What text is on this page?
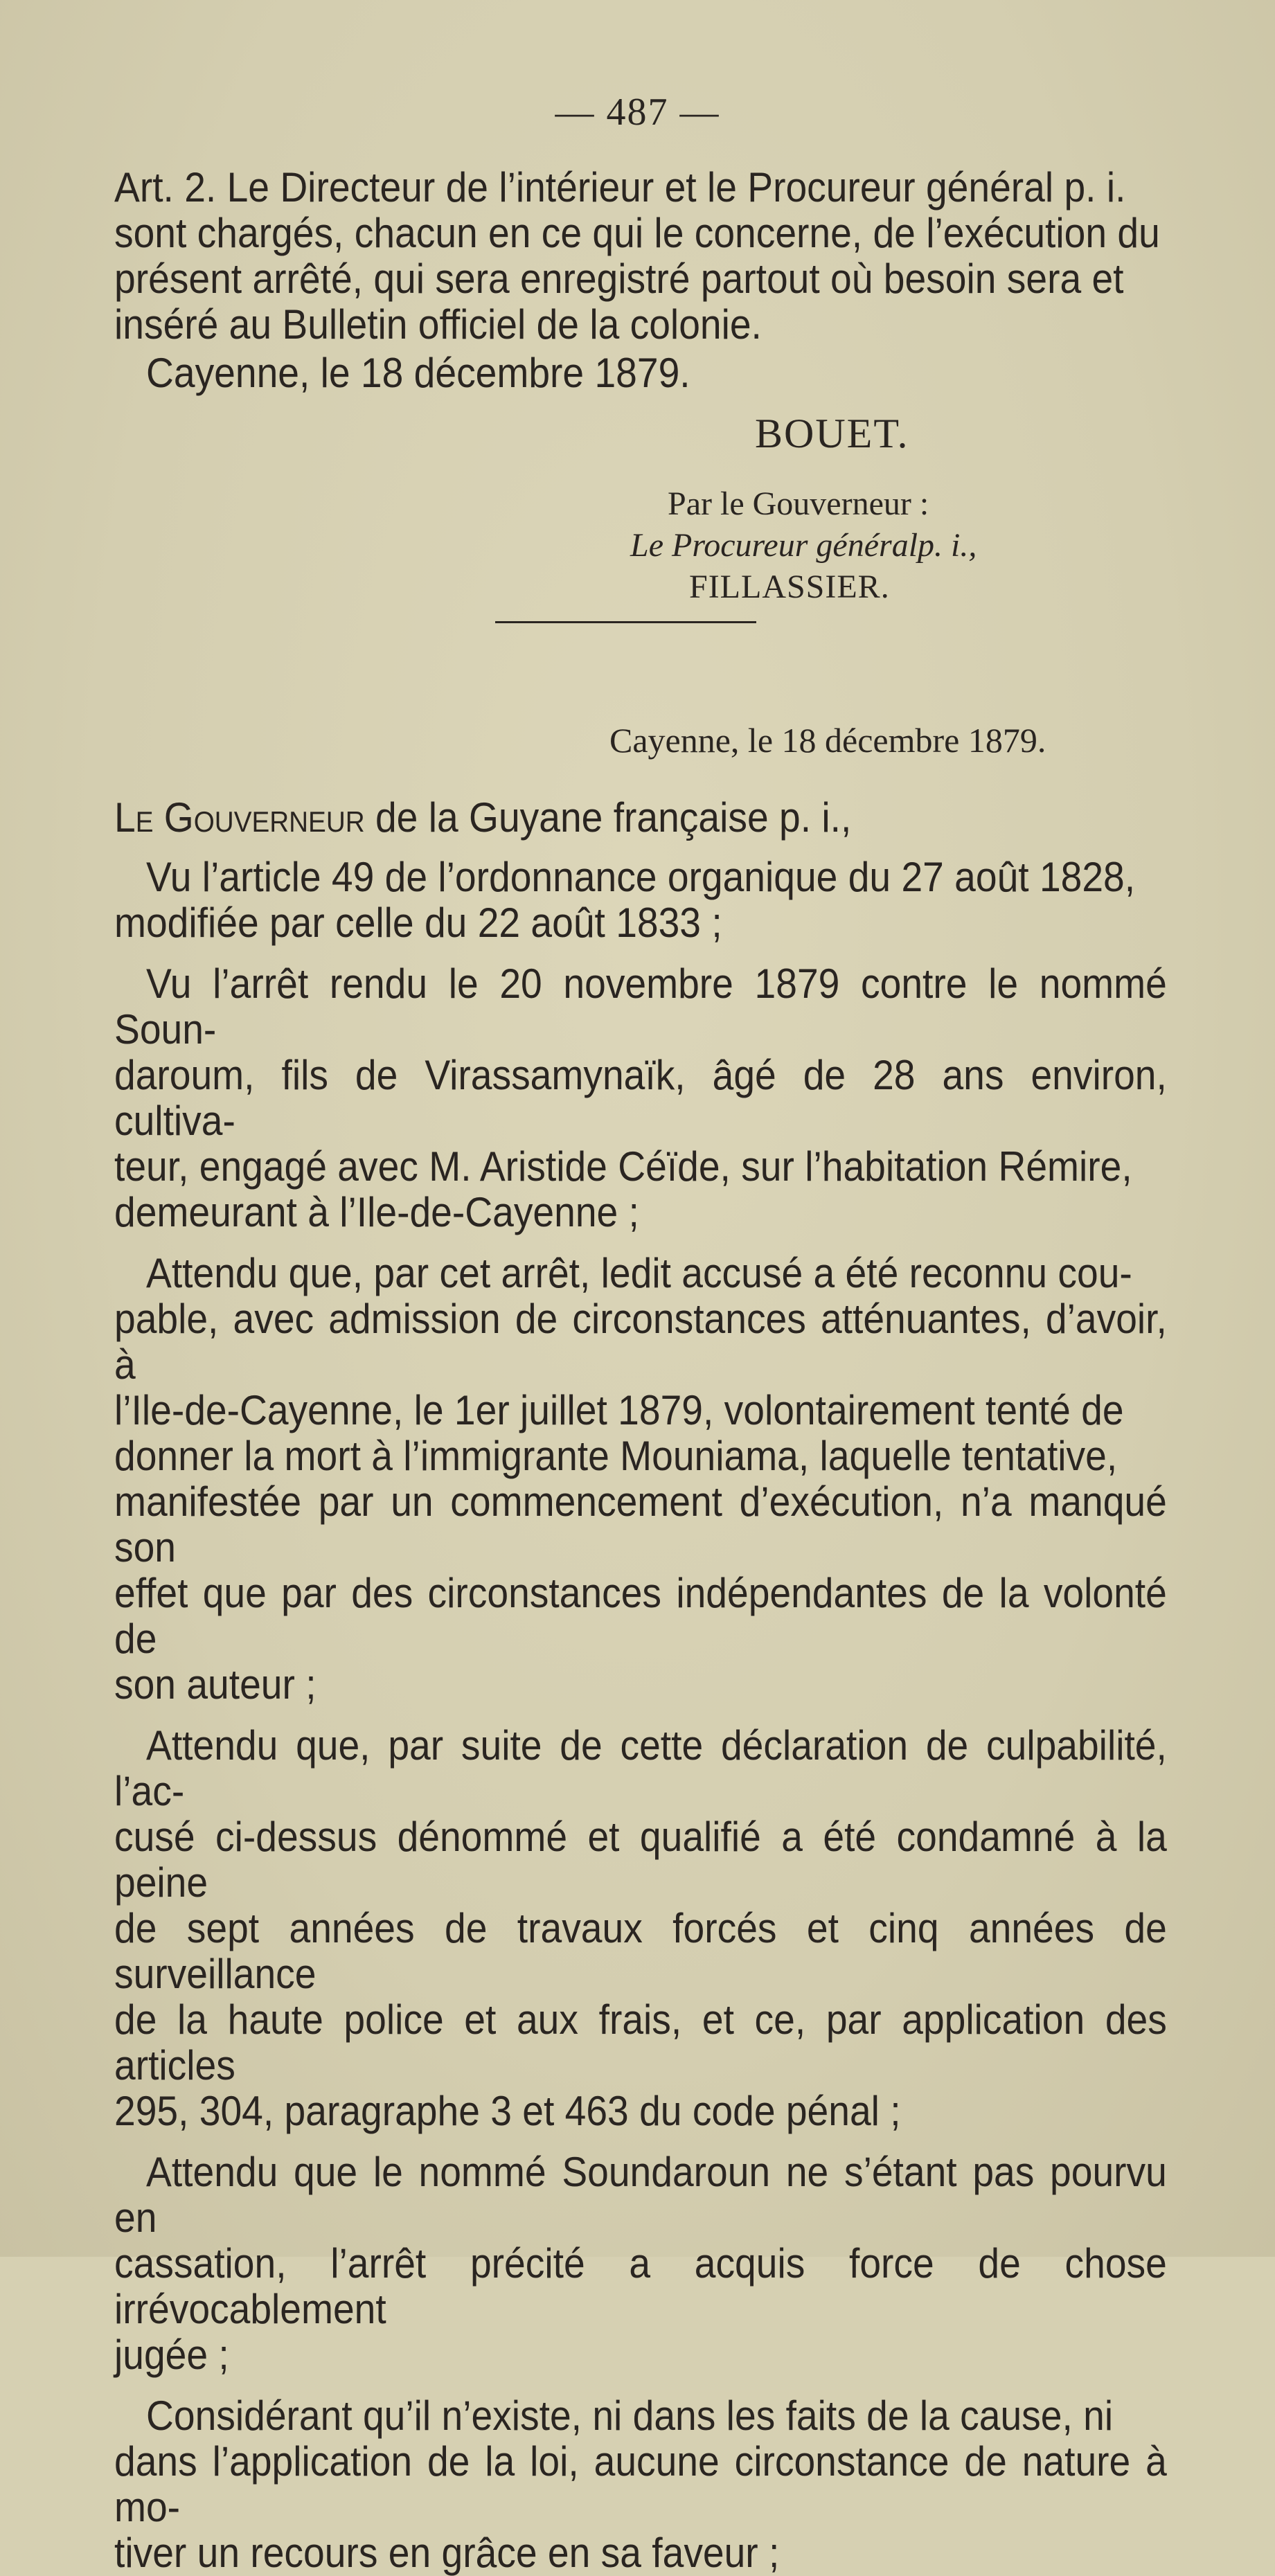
— 487 —

Art. 2. Le Directeur de l’intérieur et le Procureur général p. i.

sont chargés, chacun en ce qui le concerne, de l’exécution du

présent arrêté, qui sera enregistré partout où besoin sera et

inséré au Bulletin officiel de la colonie.

Cayenne, le 18 décembre 1879.

BOUET.
Par le Gouverneur :
Le Procureur généralp. i.,
FILLASSIER.
Cayenne, le 18 décembre 1879.

Le Gouverneur de la Guyane française p. i.,

Vu l’article 49 de l’ordonnance organique du 27 août 1828,

modifiée par celle du 22 août 1833 ;

Vu l’arrêt rendu le 20 novembre 1879 contre le nommé Soun-

daroum, fils de Virassamynaïk, âgé de 28 ans environ, cultiva-

teur, engagé avec M. Aristide Céïde, sur l’habitation Rémire,

demeurant à l’Ile-de-Cayenne ;

Attendu que, par cet arrêt, ledit accusé a été reconnu cou-

pable, avec admission de circonstances atténuantes, d’avoir, à

l’Ile-de-Cayenne, le 1er juillet 1879, volontairement tenté de

donner la mort à l’immigrante Mouniama, laquelle tentative,

manifestée par un commencement d’exécution, n’a manqué son

effet que par des circonstances indépendantes de la volonté de

son auteur ;

Attendu que, par suite de cette déclaration de culpabilité, l’ac-

cusé ci-dessus dénommé et qualifié a été condamné à la peine

de sept années de travaux forcés et cinq années de surveillance

de la haute police et aux frais, et ce, par application des articles

295, 304, paragraphe 3 et 463 du code pénal ;

Attendu que le nommé Soundaroun ne s’étant pas pourvu en

cassation, l’arrêt précité a acquis force de chose irrévocablement

jugée ;

Considérant qu’il n’existe, ni dans les faits de la cause, ni

dans l’application de la loi, aucune circonstance de nature à mo-

tiver un recours en grâce en sa faveur ;
